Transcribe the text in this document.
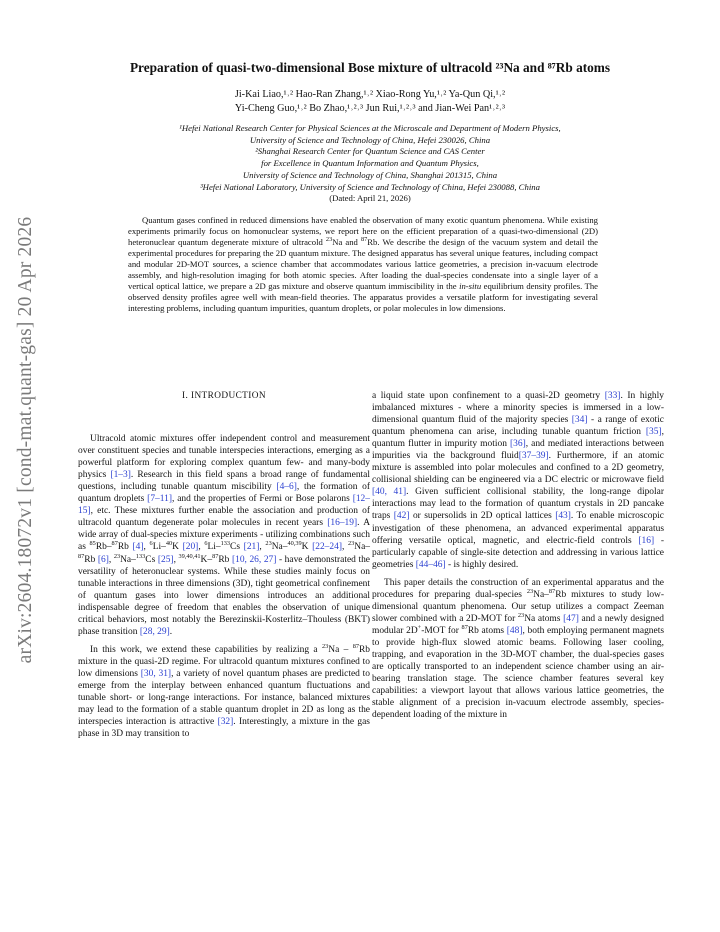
arXiv:2604.18072v1 [cond-mat.quant-gas] 20 Apr 2026
Preparation of quasi-two-dimensional Bose mixture of ultracold ²³Na and ⁸⁷Rb atoms
Ji-Kai Liao,¹˒² Hao-Ran Zhang,¹˒² Xiao-Rong Yu,¹˒² Ya-Qun Qi,¹˒²
Yi-Cheng Guo,¹˒² Bo Zhao,¹˒²˒³ Jun Rui,¹˒²˒³ and Jian-Wei Pan¹˒²˒³
¹Hefei National Research Center for Physical Sciences at the Microscale and Department of Modern Physics,
University of Science and Technology of China, Hefei 230026, China
²Shanghai Research Center for Quantum Science and CAS Center
for Excellence in Quantum Information and Quantum Physics,
University of Science and Technology of China, Shanghai 201315, China
³Hefei National Laboratory, University of Science and Technology of China, Hefei 230088, China
(Dated: April 21, 2026)
Quantum gases confined in reduced dimensions have enabled the observation of many exotic quantum phenomena. While existing experiments primarily focus on homonuclear systems, we report here on the efficient preparation of a quasi-two-dimensional (2D) heteronuclear quantum degenerate mixture of ultracold $^{23}$Na and $^{87}$Rb. We describe the design of the vacuum system and detail the experimental procedures for preparing the 2D quantum mixture. The designed apparatus has several unique features, including compact and modular 2D-MOT sources, a science chamber that accommodates various lattice geometries, a precision in-vacuum electrode assembly, and high-resolution imaging for both atomic species. After loading the dual-species condensate into a single layer of a vertical optical lattice, we prepare a 2D gas mixture and observe quantum immiscibility in the in-situ equilibrium density profiles. The observed density profiles agree well with mean-field theories. The apparatus provides a versatile platform for investigating several interesting problems, including quantum impurities, quantum droplets, or polar molecules in low dimensions.
I. INTRODUCTION

Ultracold atomic mixtures offer independent control and measurement over constituent species and tunable interspecies interactions, emerging as a powerful platform for exploring complex quantum few- and many-body physics [1–3]. Research in this field spans a broad range of fundamental questions, including tunable quantum miscibility [4–6], the formation of quantum droplets [7–11], and the properties of Fermi or Bose polarons [12–15], etc. These mixtures further enable the association and production of ultracold quantum degenerate polar molecules in recent years [16–19]. A wide array of dual-species mixture experiments - utilizing combinations such as $^{85}$Rb–$^{87}$Rb [4], $^6$Li–$^{40}$K [20], $^6$Li–$^{133}$Cs [21], $^{23}$Na–$^{40,39}$K [22–24], $^{23}$Na–$^{87}$Rb [6], $^{23}$Na–$^{133}$Cs [25], $^{39,40,41}$K–$^{87}$Rb [10, 26, 27] - have demonstrated the versatility of heteronuclear systems. While these studies mainly focus on tunable interactions in three dimensions (3D), tight geometrical confinement of quantum gases into lower dimensions introduces an additional indispensable degree of freedom that enables the observation of unique critical behaviors, most notably the Berezinskii-Kosterlitz–Thouless (BKT) phase transition [28, 29].

In this work, we extend these capabilities by realizing a $^{23}$Na – $^{87}$Rb mixture in the quasi-2D regime. For ultracold quantum mixtures confined to low dimensions [30, 31], a variety of novel quantum phases are predicted to emerge from the interplay between enhanced quantum fluctuations and tunable short- or long-range interactions. For instance, balanced mixtures may lead to the formation of a stable quantum droplet in 2D as long as the interspecies interaction is attractive [32]. Interestingly, a mixture in the gas phase in 3D may transition to

a liquid state upon confinement to a quasi-2D geometry [33]. In highly imbalanced mixtures - where a minority species is immersed in a low-dimensional quantum fluid of the majority species [34] - a range of exotic quantum phenomena can arise, including tunable quantum friction [35], quantum flutter in impurity motion [36], and mediated interactions between impurities via the background fluid[37–39]. Furthermore, if an atomic mixture is assembled into polar molecules and confined to a 2D geometry, collisional shielding can be engineered via a DC electric or microwave field [40, 41]. Given sufficient collisional stability, the long-range dipolar interactions may lead to the formation of quantum crystals in 2D pancake traps [42] or supersolids in 2D optical lattices [43]. To enable microscopic investigation of these phenomena, an advanced experimental apparatus offering versatile optical, magnetic, and electric-field controls [16] - particularly capable of single-site detection and addressing in various lattice geometries [44–46] - is highly desired.

This paper details the construction of an experimental apparatus and the procedures for preparing dual-species $^{23}$Na–$^{87}$Rb mixtures to study low-dimensional quantum phenomena. Our setup utilizes a compact Zeeman slower combined with a 2D-MOT for $^{23}$Na atoms [47] and a newly designed modular 2D+-MOT for $^{87}$Rb atoms [48], both employing permanent magnets to provide high-flux slowed atomic beams. Following laser cooling, trapping, and evaporation in the 3D-MOT chamber, the dual-species gases are optically transported to an independent science chamber using an air-bearing translation stage. The science chamber features several key capabilities: a viewport layout that allows various lattice geometries, the stable alignment of a precision in-vacuum electrode assembly, species-dependent loading of the mixture in
